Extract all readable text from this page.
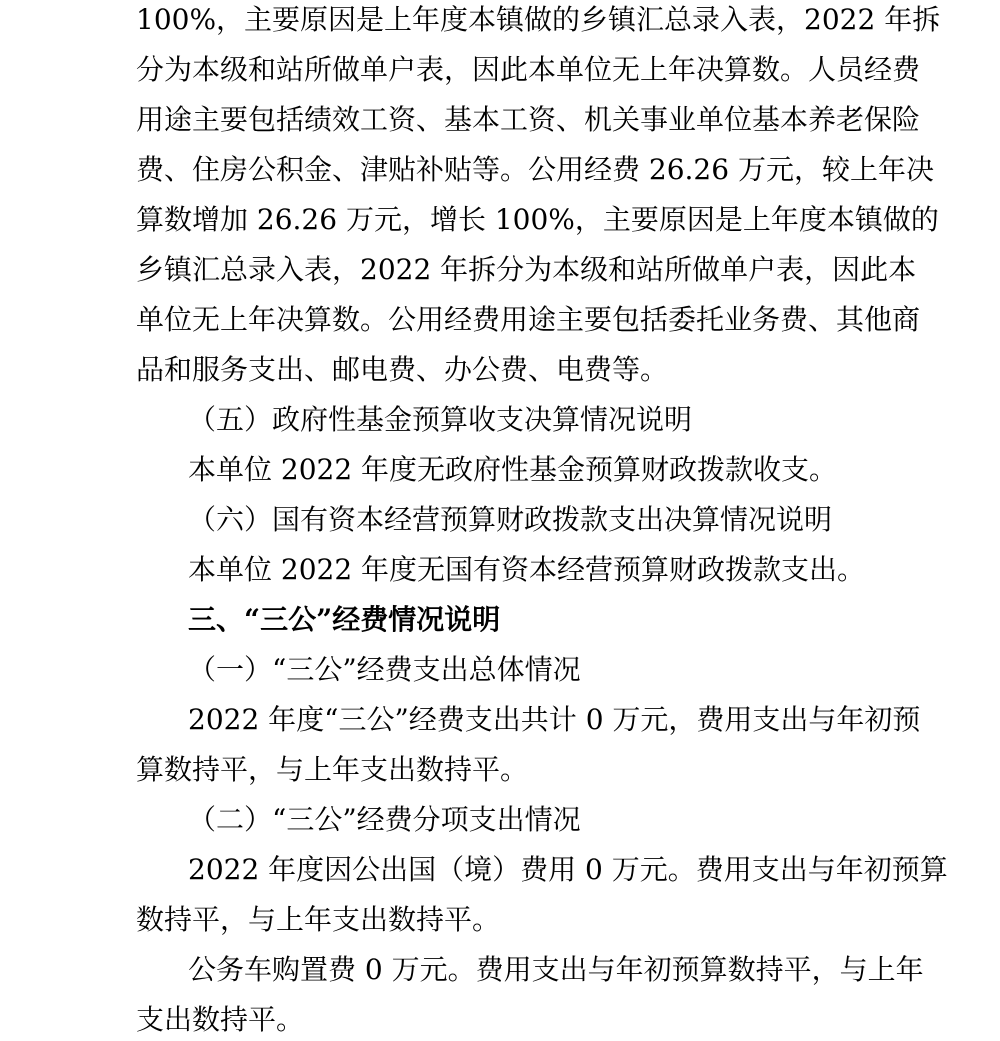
100%，主要原因是上年度本镇做的乡镇汇总录入表，2022 年拆
分为本级和站所做单户表，因此本单位无上年决算数。人员经费
用途主要包括绩效工资、基本工资、机关事业单位基本养老保险
费、住房公积金、津贴补贴等。公用经费 26.26 万元，较上年决
算数增加 26.26 万元，增长 100%，主要原因是上年度本镇做的
乡镇汇总录入表，2022 年拆分为本级和站所做单户表，因此本
单位无上年决算数。公用经费用途主要包括委托业务费、其他商
品和服务支出、邮电费、办公费、电费等。
（五）政府性基金预算收支决算情况说明
本单位 2022 年度无政府性基金预算财政拨款收支。
（六）国有资本经营预算财政拨款支出决算情况说明
本单位 2022 年度无国有资本经营预算财政拨款支出。
三、“三公”经费情况说明
（一）“三公”经费支出总体情况
2022 年度“三公”经费支出共计 0 万元，费用支出与年初预
算数持平，与上年支出数持平。
（二）“三公”经费分项支出情况
2022 年度因公出国（境）费用 0 万元。费用支出与年初预算
数持平，与上年支出数持平。
公务车购置费 0 万元。费用支出与年初预算数持平，与上年
支出数持平。
